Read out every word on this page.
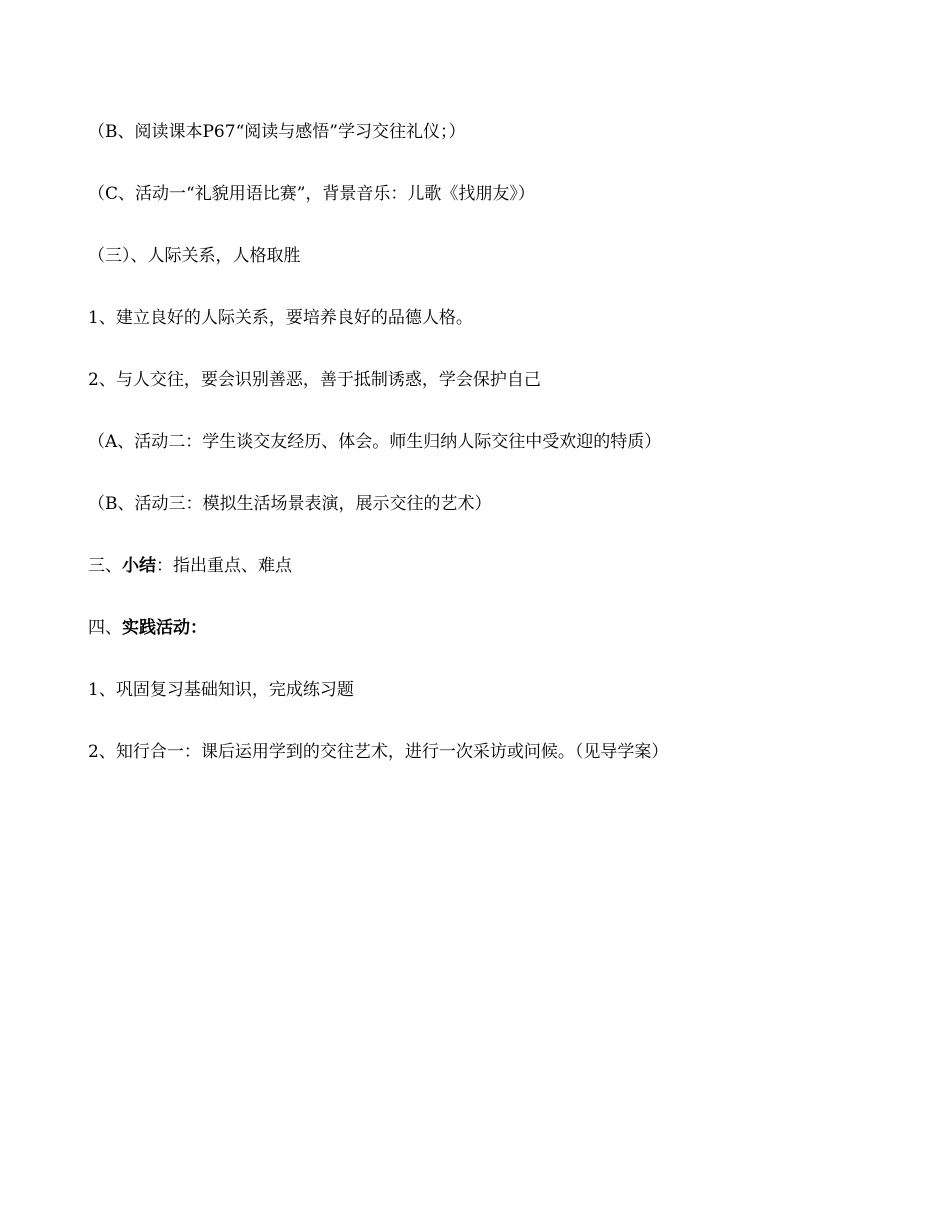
（B、阅读课本P67“阅读与感悟”学习交往礼仪；）
（C、活动一“礼貌用语比赛”，背景音乐：儿歌《找朋友》）
（三）、人际关系，人格取胜
1、建立良好的人际关系，要培养良好的品德人格。
2、与人交往，要会识别善恶，善于抵制诱惑，学会保护自己
（A、活动二：学生谈交友经历、体会。师生归纳人际交往中受欢迎的特质）
（B、活动三：模拟生活场景表演，展示交往的艺术）
三、小结：指出重点、难点
四、实践活动：
1、巩固复习基础知识，完成练习题
2、知行合一：课后运用学到的交往艺术，进行一次采访或问候。（见导学案）
